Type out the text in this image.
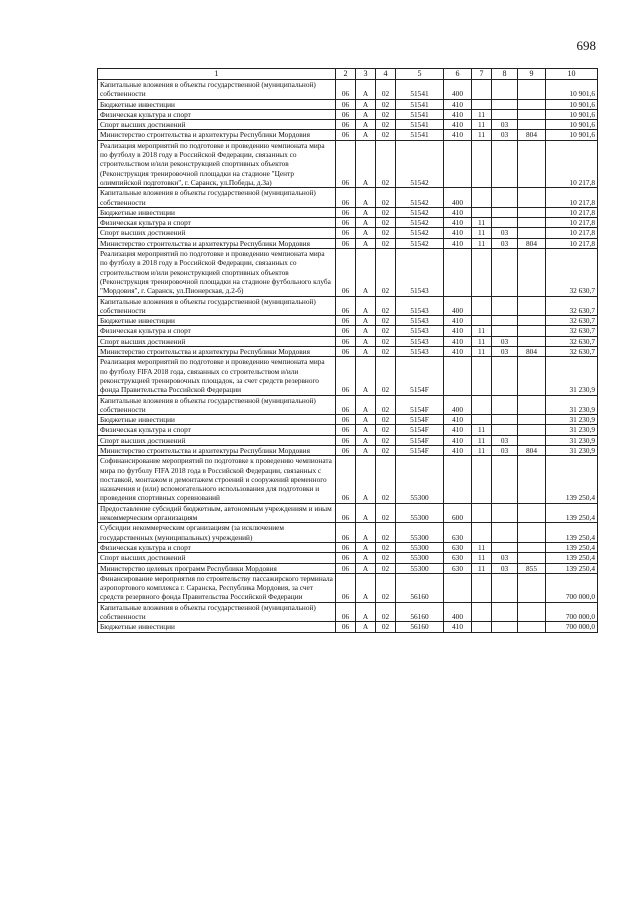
698
1	2	3	4	5	6	7	8	9	10
Капитальные вложения в объекты государственной (муниципальной) собственности	06	А	02	51541	400				10 901,6
Бюджетные инвестиции	06	А	02	51541	410				10 901,6
Физическая культура и спорт	06	А	02	51541	410	11			10 901,6
Спорт высших достижений	06	А	02	51541	410	11	03		10 901,6
Министерство строительства и архитектуры Республики Мордовия	06	А	02	51541	410	11	03	804	10 901,6
Реализация мероприятий по подготовке и проведению чемпионата мира по футболу в 2018 году в Российской Федерации, связанных со строительством и/или реконструкцией спортивных объектов (Реконструкция тренировочной площадки на стадионе "Центр олимпийской подготовки", г. Саранск, ул.Победы, д.3а)	06	А	02	51542					10 217,8
Капитальные вложения в объекты государственной (муниципальной) собственности	06	А	02	51542	400				10 217,8
Бюджетные инвестиции	06	А	02	51542	410				10 217,8
Физическая культура и спорт	06	А	02	51542	410	11			10 217,8
Спорт высших достижений	06	А	02	51542	410	11	03		10 217,8
Министерство строительства и архитектуры Республики Мордовия	06	А	02	51542	410	11	03	804	10 217,8
Реализация мероприятий по подготовке и проведению чемпионата мира по футболу в 2018 году в Российской Федерации, связанных со строительством и/или реконструкцией спортивных объектов (Реконструкция тренировочной площадки на стадионе футбольного клуба "Мордовия", г. Саранск, ул.Пионерская, д.2-б)	06	А	02	51543					32 630,7
Капитальные вложения в объекты государственной (муниципальной) собственности	06	А	02	51543	400				32 630,7
Бюджетные инвестиции	06	А	02	51543	410				32 630,7
Физическая культура и спорт	06	А	02	51543	410	11			32 630,7
Спорт высших достижений	06	А	02	51543	410	11	03		32 630,7
Министерство строительства и архитектуры Республики Мордовия	06	А	02	51543	410	11	03	804	32 630,7
Реализация мероприятий по подготовке и проведению чемпионата мира по футболу FIFA 2018 года, связанных со строительством и/или реконструкцией тренировочных площадок, за счет средств резервного фонда Правительства Российской Федерации	06	А	02	5154F					31 230,9
Капитальные вложения в объекты государственной (муниципальной) собственности	06	А	02	5154F	400				31 230,9
Бюджетные инвестиции	06	А	02	5154F	410				31 230,9
Физическая культура и спорт	06	А	02	5154F	410	11			31 230,9
Спорт высших достижений	06	А	02	5154F	410	11	03		31 230,9
Министерство строительства и архитектуры Республики Мордовия	06	А	02	5154F	410	11	03	804	31 230,9
Софинансирование мероприятий по подготовке к проведению чемпионата мира по футболу FIFA 2018 года в Российской Федерации, связанных с поставкой, монтажом и демонтажем строений и сооружений временного назначения и (или) вспомогательного использования для подготовки и проведения спортивных соревнований	06	А	02	55300					139 250,4
Предоставление субсидий бюджетным, автономным учреждениям и иным некоммерческим организациям	06	А	02	55300	600				139 250,4
Субсидии некоммерческим организациям (за исключением государственных (муниципальных) учреждений)	06	А	02	55300	630				139 250,4
Физическая культура и спорт	06	А	02	55300	630	11			139 250,4
Спорт высших достижений	06	А	02	55300	630	11	03		139 250,4
Министерство целевых программ Республики Мордовия	06	А	02	55300	630	11	03	855	139 250,4
Финансирование мероприятия по строительству пассажирского терминала аэропортового комплекса г. Саранска, Республика Мордовия, за счет средств резервного фонда Правительства Российской Федерации	06	А	02	56160					700 000,0
Капитальные вложения в объекты государственной (муниципальной) собственности	06	А	02	56160	400				700 000,0
Бюджетные инвестиции	06	А	02	56160	410				700 000,0
